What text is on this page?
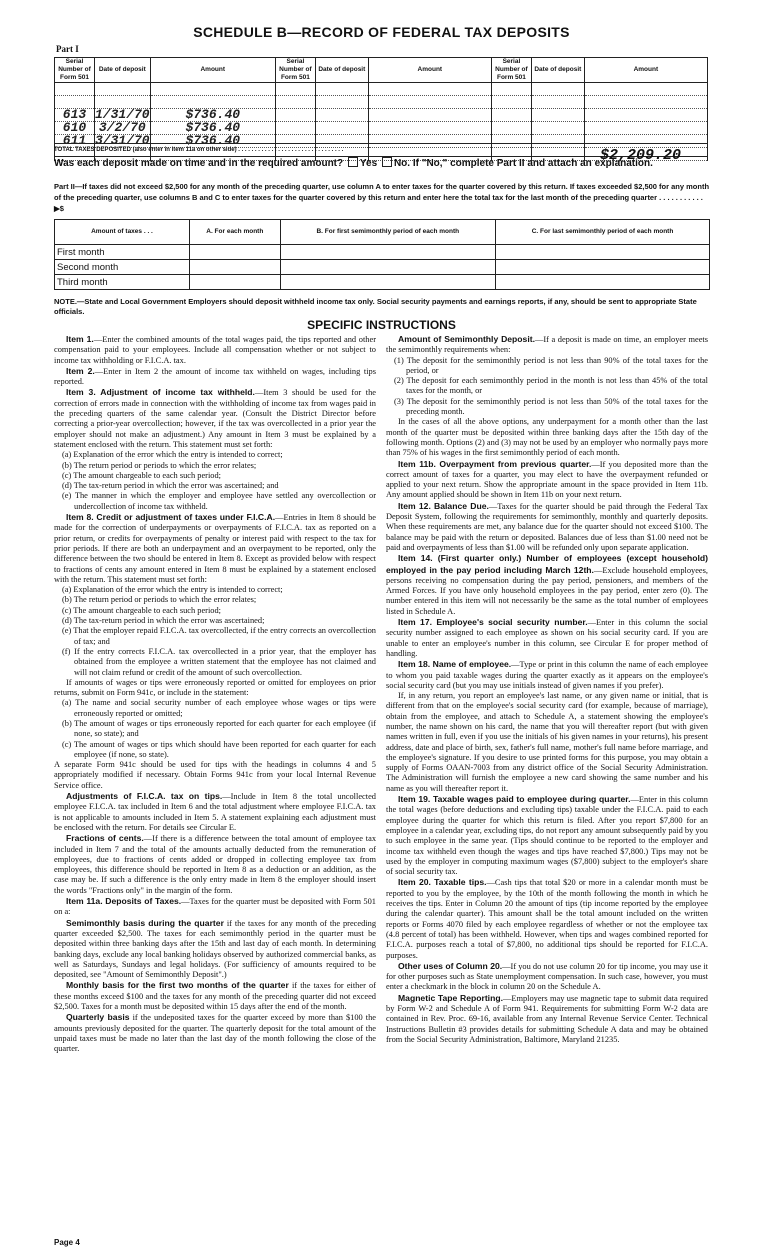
SCHEDULE B—RECORD OF FEDERAL TAX DEPOSITS
Part I
Serial Number of Form 501	Date of deposit	Amount	Serial Number of Form 501	Date of deposit	Amount	Serial Number of Form 501	Date of deposit	Amount

613	1/31/70	$736.40						
610	3/2/70	$736.40						
611	3/31/70	$736.40						

TOTAL TAXES DEPOSITED (also enter in item 11a on other side) . . . . . . . . . . . . . . . . . . . . . . . . . . . . . . . .	$2,209.20
Was each deposit made on time and in the required amount? Yes No. If "No," complete Part II and attach an explanation.
Part II—If taxes did not exceed $2,500 for any month of the preceding quarter, use column A to enter taxes for the quarter covered by this return. If taxes exceeded $2,500 for any month of the preceding quarter, use columns B and C to enter taxes for the quarter covered by this return and enter here the total tax for the last month of the preceding quarter . . . . . . . . . . . ▶$
Amount of taxes . . .	A. For each month	B. For first semimonthly period of each month	C. For last semimonthly period of each month
First month			
Second month			
Third month			
NOTE.—State and Local Government Employers should deposit withheld income tax only. Social security payments and earnings reports, if any, should be sent to appropriate State officials.
SPECIFIC INSTRUCTIONS

Item 1.—Enter the combined amounts of the total wages paid, the tips reported and other compensation paid to your employees. Include all compensation whether or not subject to income tax withholding or F.I.C.A. tax.

Item 2.—Enter in Item 2 the amount of income tax withheld on wages, including tips reported.

Item 3. Adjustment of income tax withheld.—Item 3 should be used for the correction of errors made in connection with the withholding of income tax from wages paid in the preceding quarters of the same calendar year. (Consult the District Director before correcting a prior-year overcollection; however, if the tax was overcollected in a prior year the employer should not make an adjustment.) Any amount in Item 3 must be explained by a statement enclosed with the return. This statement must set forth:

(a) Explanation of the error which the entry is intended to correct;

(b) The return period or periods to which the error relates;

(c) The amount chargeable to each such period;

(d) The tax-return period in which the error was ascertained; and

(e) The manner in which the employer and employee have settled any overcollection or undercollection of income tax withheld.

Item 8. Credit or adjustment of taxes under F.I.C.A.—Entries in Item 8 should be made for the correction of underpayments or overpayments of F.I.C.A. tax as reported on a prior return, or credits for overpayments of penalty or interest paid with respect to the tax for prior periods. If there are both an underpayment and an overpayment to be reported, only the difference between the two should be entered in Item 8. Except as provided below with respect to fractions of cents any amount entered in Item 8 must be explained by a statement enclosed with the return. This statement must set forth:

(a) Explanation of the error which the entry is intended to correct;

(b) The return period or periods to which the error relates;

(c) The amount chargeable to each such period;

(d) The tax-return period in which the error was ascertained;

(e) That the employer repaid F.I.C.A. tax overcollected, if the entry corrects an overcollection of tax; and

(f) If the entry corrects F.I.C.A. tax overcollected in a prior year, that the employer has obtained from the employee a written statement that the employee has not claimed and will not claim refund or credit of the amount of such overcollection.

If amounts of wages or tips were erroneously reported or omitted for employees on prior returns, submit on Form 941c, or include in the statement:

(a) The name and social security number of each employee whose wages or tips were erroneously reported or omitted;

(b) The amount of wages or tips erroneously reported for each quarter for each employee (if none, so state); and

(c) The amount of wages or tips which should have been reported for each quarter for each employee (if none, so state).

A separate Form 941c should be used for tips with the headings in columns 4 and 5 appropriately modified if necessary. Obtain Forms 941c from your local Internal Revenue Service office.

Adjustments of F.I.C.A. tax on tips.—Include in Item 8 the total uncollected employee F.I.C.A. tax included in Item 6 and the total adjustment where employee F.I.C.A. tax is not applicable to amounts included in Item 5. A statement explaining each adjustment must be enclosed with the return. For details see Circular E.

Fractions of cents.—If there is a difference between the total amount of employee tax included in Item 7 and the total of the amounts actually deducted from the remuneration of employees, due to fractions of cents added or dropped in collecting employee tax from employees, this difference should be reported in Item 8 as a deduction or an addition, as the case may be. If such a difference is the only entry made in Item 8 the employer should insert the words "Fractions only" in the margin of the form.

Item 11a. Deposits of Taxes.—Taxes for the quarter must be deposited with Form 501 on a:

Semimonthly basis during the quarter if the taxes for any month of the preceding quarter exceeded $2,500. The taxes for each semimonthly period in the quarter must be deposited within three banking days after the 15th and last day of each month. In determining banking days, exclude any local banking holidays observed by authorized commercial banks, as well as Saturdays, Sundays and legal holidays. (For sufficiency of amounts required to be deposited, see "Amount of Semimonthly Deposit".)

Monthly basis for the first two months of the quarter if the taxes for either of these months exceed $100 and the taxes for any month of the preceding quarter did not exceed $2,500. Taxes for a month must be deposited within 15 days after the end of the month.

Quarterly basis if the undeposited taxes for the quarter exceed by more than $100 the amounts previously deposited for the quarter. The quarterly deposit for the total amount of the unpaid taxes must be made no later than the last day of the month following the close of the quarter.

Amount of Semimonthly Deposit.—If a deposit is made on time, an employer meets the semimonthly requirements when:

(1) The deposit for the semimonthly period is not less than 90% of the total taxes for the period, or

(2) The deposit for each semimonthly period in the month is not less than 45% of the total taxes for the month, or

(3) The deposit for the semimonthly period is not less than 50% of the total taxes for the preceding month.

In the cases of all the above options, any underpayment for a month other than the last month of the quarter must be deposited within three banking days after the 15th day of the following month. Options (2) and (3) may not be used by an employer who normally pays more than 75% of his wages in the first semimonthly period of each month.

Item 11b. Overpayment from previous quarter.—If you deposited more than the correct amount of taxes for a quarter, you may elect to have the overpayment refunded or applied to your next return. Show the appropriate amount in the space provided in Item 11b. Any amount applied should be shown in Item 11b on your next return.

Item 12. Balance Due.—Taxes for the quarter should be paid through the Federal Tax Deposit System, following the requirements for semimonthly, monthly and quarterly deposits. When these requirements are met, any balance due for the quarter should not exceed $100. The balance may be paid with the return or deposited. Balances due of less than $1.00 need not be paid and overpayments of less than $1.00 will be refunded only upon separate application.

Item 14. (First quarter only.) Number of employees (except household) employed in the pay period including March 12th.—Exclude household employees, persons receiving no compensation during the pay period, pensioners, and members of the Armed Forces. If you have only household employees in the pay period, enter zero (0). The number entered in this item will not necessarily be the same as the total number of employees listed in Schedule A.

Item 17. Employee's social security number.—Enter in this column the social security number assigned to each employee as shown on his social security card. If you are unable to enter an employee's number in this column, see Circular E for proper method of handling.

Item 18. Name of employee.—Type or print in this column the name of each employee to whom you paid taxable wages during the quarter exactly as it appears on the employee's social security card (but you may use initials instead of given names if you prefer).

If, in any return, you report an employee's last name, or any given name or initial, that is different from that on the employee's social security card (for example, because of marriage), obtain from the employee, and attach to Schedule A, a statement showing the employee's number, the name shown on his card, the name that you will thereafter report (but with given names written in full, even if you use the initials of his given names in your returns), his present address, date and place of birth, sex, father's full name, mother's full name before marriage, and the employee's signature. If you desire to use printed forms for this purpose, you may obtain a supply of Forms OAAN-7003 from any district office of the Social Security Administration. The Administration will furnish the employee a new card showing the same number and his name as you will thereafter report it.

Item 19. Taxable wages paid to employee during quarter.—Enter in this column the total wages (before deductions and excluding tips) taxable under the F.I.C.A. paid to each employee during the quarter for which this return is filed. After you report $7,800 for an employee in a calendar year, excluding tips, do not report any amount subsequently paid by you to such employee in the same year. (Tips should continue to be reported to the employer and income tax withheld even though the wages and tips have reached $7,800.) Tips may not be used by the employer in computing maximum wages ($7,800) subject to the employer's share of social security tax.

Item 20. Taxable tips.—Cash tips that total $20 or more in a calendar month must be reported to you by the employee, by the 10th of the month following the month in which he receives the tips. Enter in Column 20 the amount of tips (tip income reported by the employee during the calendar quarter). This amount shall be the total amount included on the written reports or Forms 4070 filed by each employee regardless of whether or not the employee tax (4.8 percent of total) has been withheld. However, when tips and wages combined reported for F.I.C.A. purposes reach a total of $7,800, no additional tips should be reported for F.I.C.A. purposes.

Other uses of Column 20.—If you do not use column 20 for tip income, you may use it for other purposes such as State unemployment compensation. In such case, however, you must enter a checkmark in the block in column 20 on the Schedule A.

Magnetic Tape Reporting.—Employers may use magnetic tape to submit data required by Form W-2 and Schedule A of Form 941. Requirements for submitting Form W-2 data are contained in Rev. Proc. 69-16, available from any Internal Revenue Service Center. Technical Instructions Bulletin #3 provides details for submitting Schedule A data and may be obtained from the Social Security Administration, Baltimore, Maryland 21235.

Page 4
